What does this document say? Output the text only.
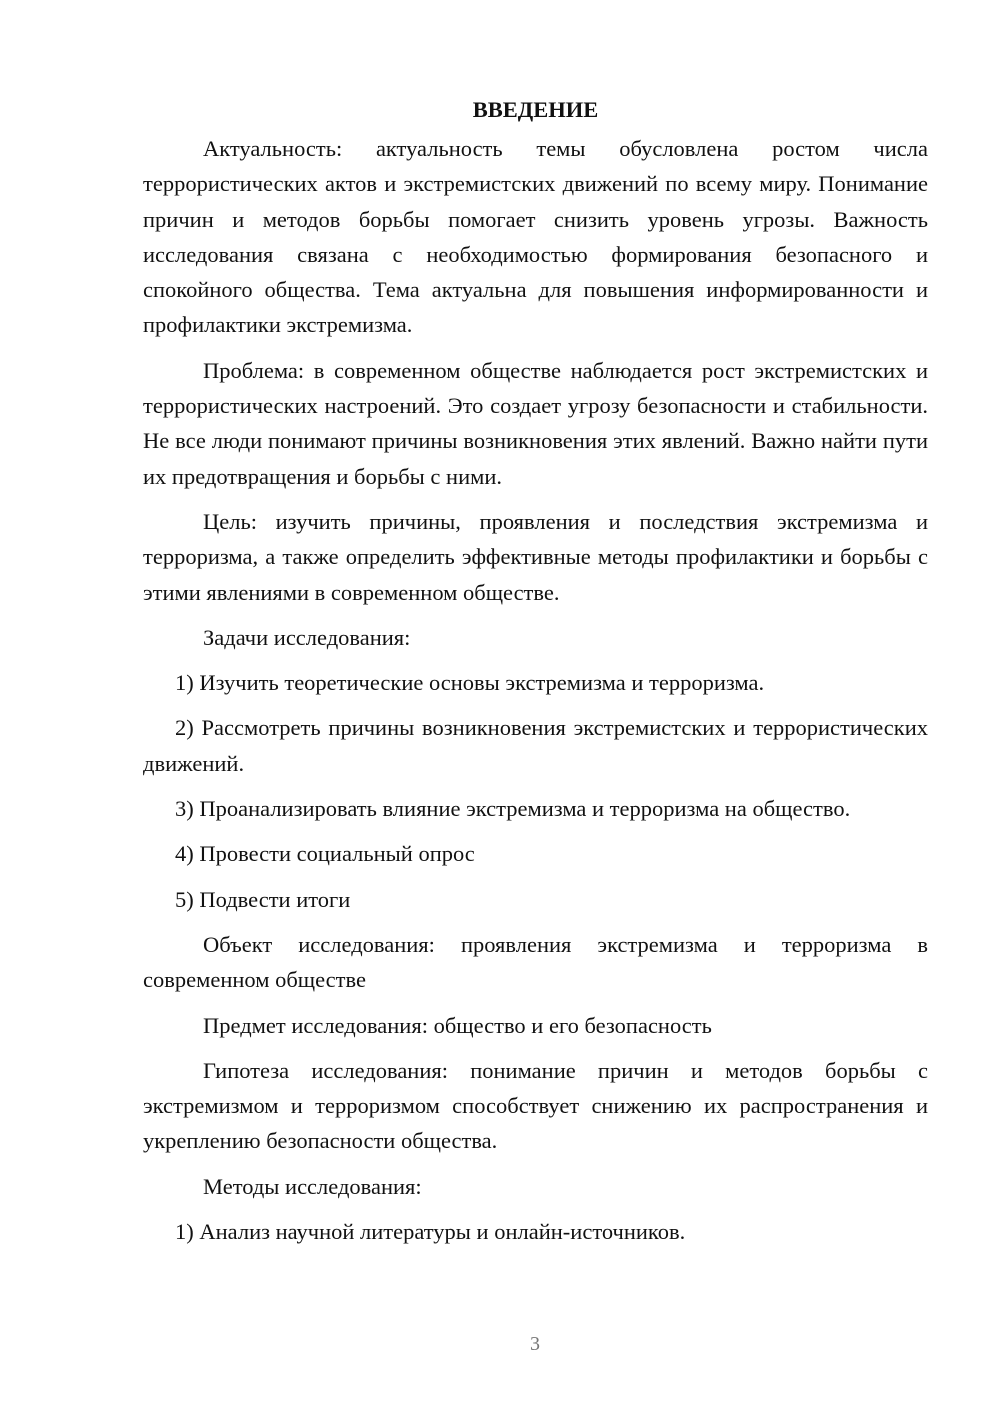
ВВЕДЕНИЕ
Актуальность: актуальность темы обусловлена ростом числа террористических актов и экстремистских движений по всему миру. Понимание причин и методов борьбы помогает снизить уровень угрозы. Важность исследования связана с необходимостью формирования безопасного и спокойного общества. Тема актуальна для повышения информированности и профилактики экстремизма.
Проблема: в современном обществе наблюдается рост экстремистских и террористических настроений. Это создает угрозу безопасности и стабильности. Не все люди понимают причины возникновения этих явлений. Важно найти пути их предотвращения и борьбы с ними.
Цель: изучить причины, проявления и последствия экстремизма и терроризма, а также определить эффективные методы профилактики и борьбы с этими явлениями в современном обществе.
Задачи исследования:
1) Изучить теоретические основы экстремизма и терроризма.
2) Рассмотреть причины возникновения экстремистских и террористических движений.
3) Проанализировать влияние экстремизма и терроризма на общество.
4) Провести социальный опрос
5) Подвести итоги
Объект исследования: проявления экстремизма и терроризма в современном обществе
Предмет исследования: общество и его безопасность
Гипотеза исследования: понимание причин и методов борьбы с экстремизмом и терроризмом способствует снижению их распространения и укреплению безопасности общества.
Методы исследования:
1) Анализ научной литературы и онлайн-источников.
3
